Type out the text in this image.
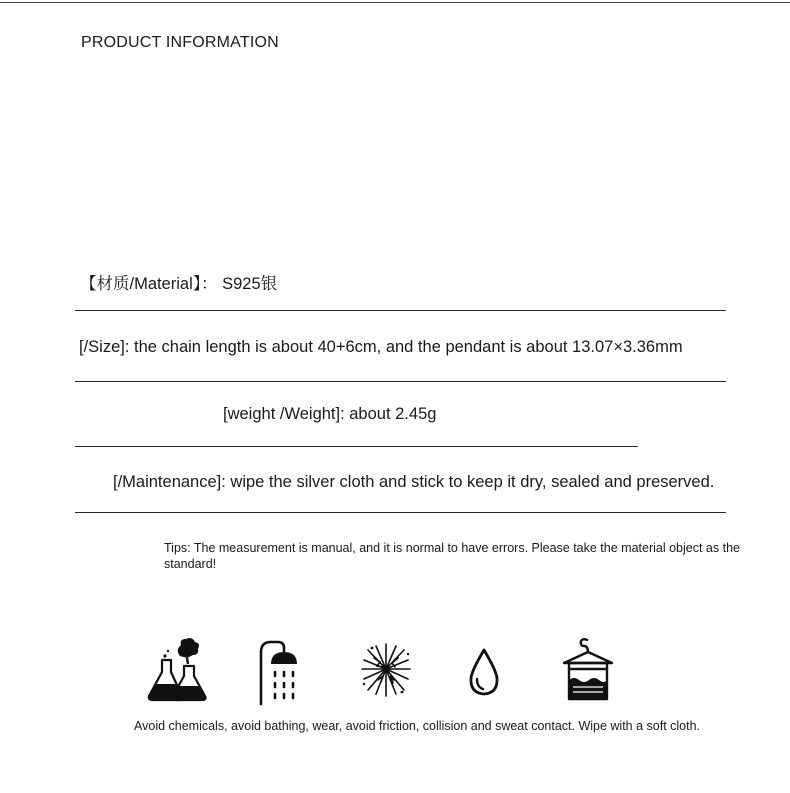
PRODUCT INFORMATION
【材质/Material】： S925银
[/Size]: the chain length is about 40+6cm, and the pendant is about 13.07×3.36mm
[weight /Weight]: about 2.45g
[/Maintenance]: wipe the silver cloth and stick to keep it dry, sealed and preserved.
Tips: The measurement is manual, and it is normal to have errors. Please take the material object as the standard!
Avoid chemicals, avoid bathing, wear, avoid friction, collision and sweat contact. Wipe with a soft cloth.
